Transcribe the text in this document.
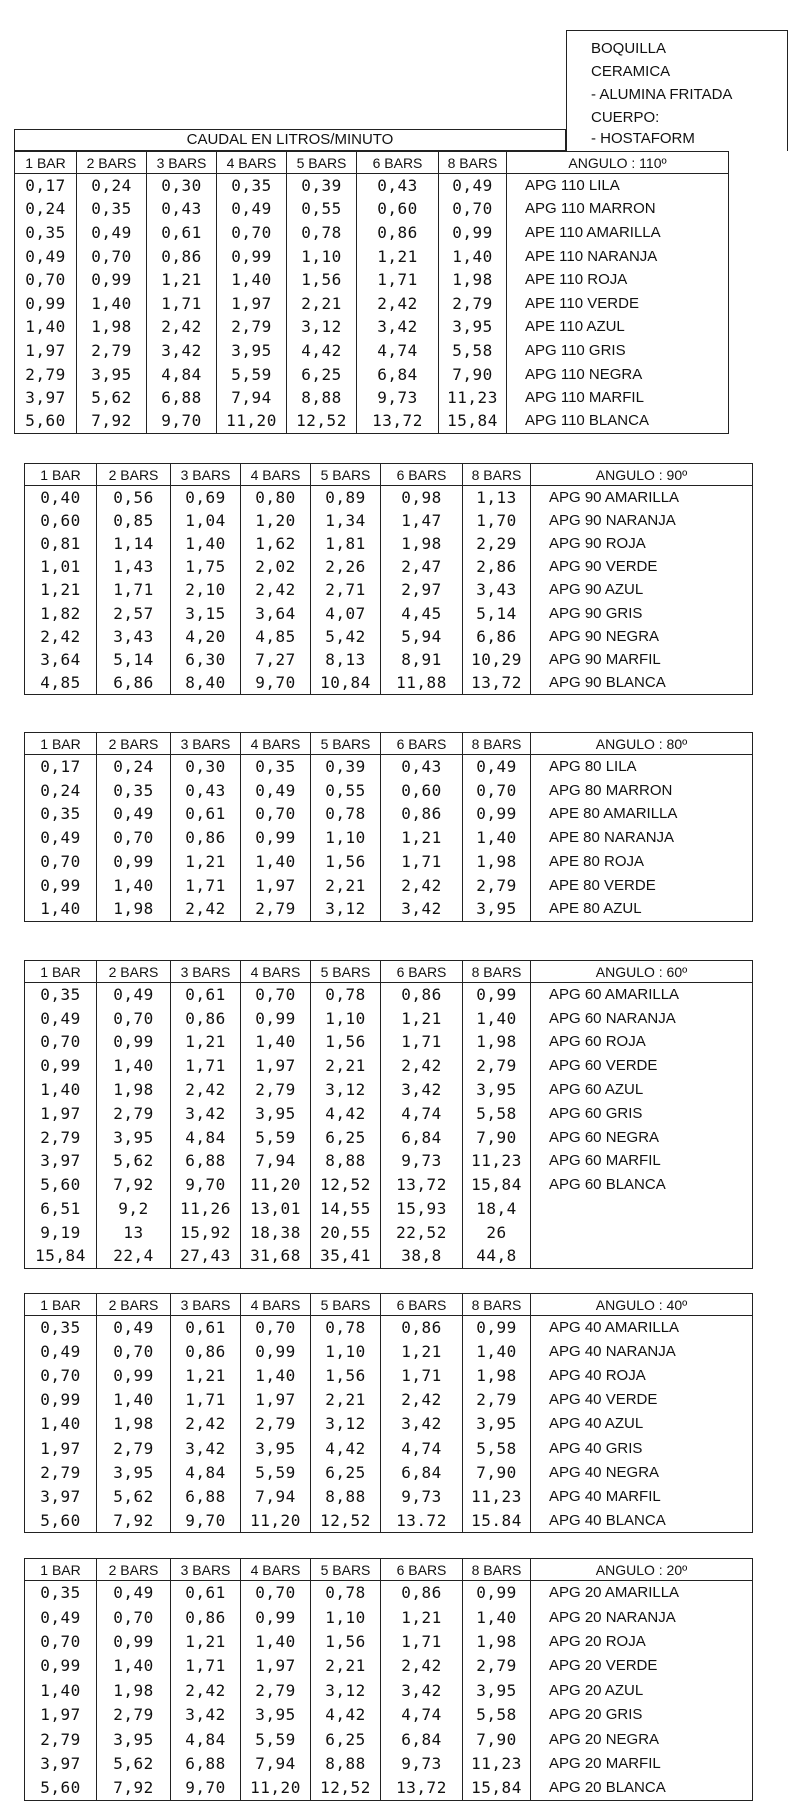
BOQUILLA
CERAMICA
- ALUMINA FRITADA
CUERPO:
CAUDAL EN LITROS/MINUTO	- HOSTAFORM
1 BAR	2 BARS	3 BARS	4 BARS	5 BARS	6 BARS	8 BARS	ANGULO : 110º
0,17	0,24	0,30	0,35	0,39	0,43	0,49	APG 110 LILA
0,24	0,35	0,43	0,49	0,55	0,60	0,70	APG 110 MARRON
0,35	0,49	0,61	0,70	0,78	0,86	0,99	APE 110 AMARILLA
0,49	0,70	0,86	0,99	1,10	1,21	1,40	APE 110 NARANJA
0,70	0,99	1,21	1,40	1,56	1,71	1,98	APE 110 ROJA
0,99	1,40	1,71	1,97	2,21	2,42	2,79	APE 110 VERDE
1,40	1,98	2,42	2,79	3,12	3,42	3,95	APE 110 AZUL
1,97	2,79	3,42	3,95	4,42	4,74	5,58	APG 110 GRIS
2,79	3,95	4,84	5,59	6,25	6,84	7,90	APG 110 NEGRA
3,97	5,62	6,88	7,94	8,88	9,73	11,23	APG 110 MARFIL
5,60	7,92	9,70	11,20	12,52	13,72	15,84	APG 110 BLANCA
1 BAR	2 BARS	3 BARS	4 BARS	5 BARS	6 BARS	8 BARS	ANGULO : 90º
0,40	0,56	0,69	0,80	0,89	0,98	1,13	APG 90 AMARILLA
0,60	0,85	1,04	1,20	1,34	1,47	1,70	APG 90 NARANJA
0,81	1,14	1,40	1,62	1,81	1,98	2,29	APG 90 ROJA
1,01	1,43	1,75	2,02	2,26	2,47	2,86	APG 90 VERDE
1,21	1,71	2,10	2,42	2,71	2,97	3,43	APG 90 AZUL
1,82	2,57	3,15	3,64	4,07	4,45	5,14	APG 90 GRIS
2,42	3,43	4,20	4,85	5,42	5,94	6,86	APG 90 NEGRA
3,64	5,14	6,30	7,27	8,13	8,91	10,29	APG 90 MARFIL
4,85	6,86	8,40	9,70	10,84	11,88	13,72	APG 90 BLANCA
1 BAR	2 BARS	3 BARS	4 BARS	5 BARS	6 BARS	8 BARS	ANGULO : 80º
0,17	0,24	0,30	0,35	0,39	0,43	0,49	APG 80 LILA
0,24	0,35	0,43	0,49	0,55	0,60	0,70	APG 80 MARRON
0,35	0,49	0,61	0,70	0,78	0,86	0,99	APE 80 AMARILLA
0,49	0,70	0,86	0,99	1,10	1,21	1,40	APE 80 NARANJA
0,70	0,99	1,21	1,40	1,56	1,71	1,98	APE 80 ROJA
0,99	1,40	1,71	1,97	2,21	2,42	2,79	APE 80 VERDE
1,40	1,98	2,42	2,79	3,12	3,42	3,95	APE 80 AZUL
1 BAR	2 BARS	3 BARS	4 BARS	5 BARS	6 BARS	8 BARS	ANGULO : 60º
0,35	0,49	0,61	0,70	0,78	0,86	0,99	APG 60 AMARILLA
0,49	0,70	0,86	0,99	1,10	1,21	1,40	APG 60 NARANJA
0,70	0,99	1,21	1,40	1,56	1,71	1,98	APG 60 ROJA
0,99	1,40	1,71	1,97	2,21	2,42	2,79	APG 60 VERDE
1,40	1,98	2,42	2,79	3,12	3,42	3,95	APG 60 AZUL
1,97	2,79	3,42	3,95	4,42	4,74	5,58	APG 60 GRIS
2,79	3,95	4,84	5,59	6,25	6,84	7,90	APG 60 NEGRA
3,97	5,62	6,88	7,94	8,88	9,73	11,23	APG 60 MARFIL
5,60	7,92	9,70	11,20	12,52	13,72	15,84	APG 60 BLANCA
6,51	9,2	11,26	13,01	14,55	15,93	18,4	
9,19	13	15,92	18,38	20,55	22,52	26	
15,84	22,4	27,43	31,68	35,41	38,8	44,8	
1 BAR	2 BARS	3 BARS	4 BARS	5 BARS	6 BARS	8 BARS	ANGULO : 40º
0,35	0,49	0,61	0,70	0,78	0,86	0,99	APG 40 AMARILLA
0,49	0,70	0,86	0,99	1,10	1,21	1,40	APG 40 NARANJA
0,70	0,99	1,21	1,40	1,56	1,71	1,98	APG 40 ROJA
0,99	1,40	1,71	1,97	2,21	2,42	2,79	APG 40 VERDE
1,40	1,98	2,42	2,79	3,12	3,42	3,95	APG 40 AZUL
1,97	2,79	3,42	3,95	4,42	4,74	5,58	APG 40 GRIS
2,79	3,95	4,84	5,59	6,25	6,84	7,90	APG 40 NEGRA
3,97	5,62	6,88	7,94	8,88	9,73	11,23	APG 40 MARFIL
5,60	7,92	9,70	11,20	12,52	13.72	15.84	APG 40 BLANCA
1 BAR	2 BARS	3 BARS	4 BARS	5 BARS	6 BARS	8 BARS	ANGULO : 20º
0,35	0,49	0,61	0,70	0,78	0,86	0,99	APG 20 AMARILLA
0,49	0,70	0,86	0,99	1,10	1,21	1,40	APG 20 NARANJA
0,70	0,99	1,21	1,40	1,56	1,71	1,98	APG 20 ROJA
0,99	1,40	1,71	1,97	2,21	2,42	2,79	APG 20 VERDE
1,40	1,98	2,42	2,79	3,12	3,42	3,95	APG 20 AZUL
1,97	2,79	3,42	3,95	4,42	4,74	5,58	APG 20 GRIS
2,79	3,95	4,84	5,59	6,25	6,84	7,90	APG 20 NEGRA
3,97	5,62	6,88	7,94	8,88	9,73	11,23	APG 20 MARFIL
5,60	7,92	9,70	11,20	12,52	13,72	15,84	APG 20 BLANCA
